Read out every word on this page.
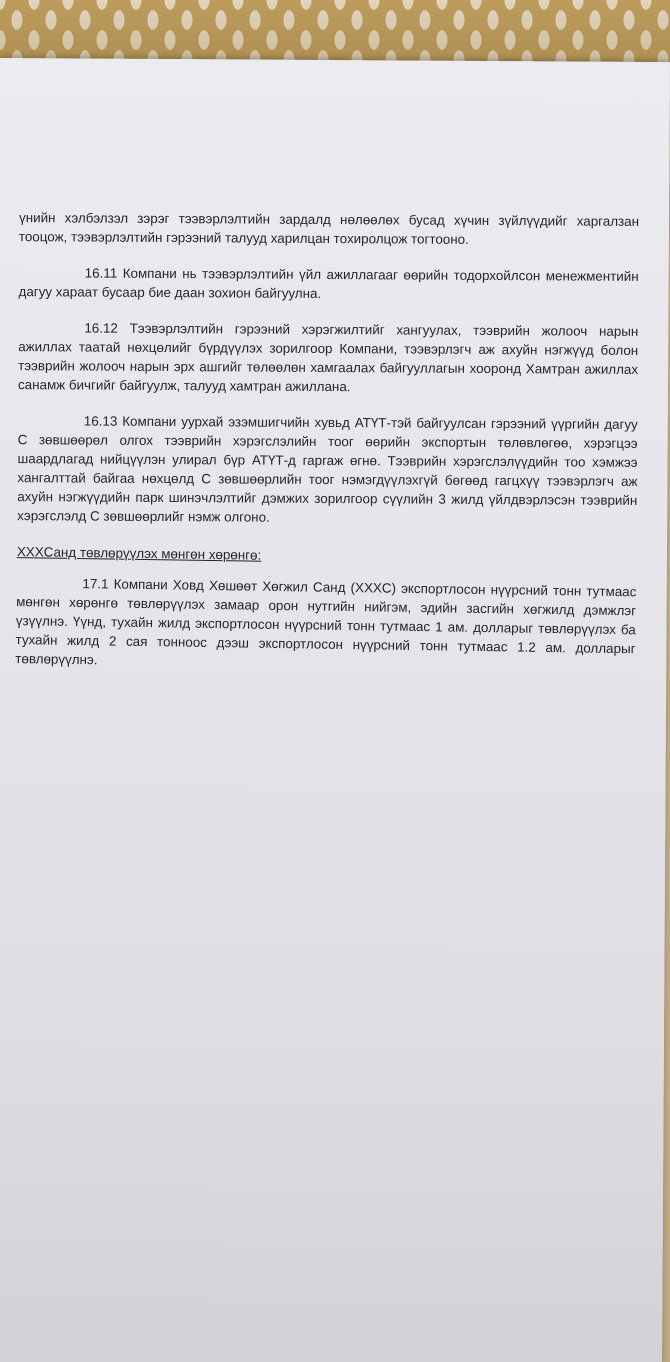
үнийн хэлбэлзэл зэрэг тээвэрлэлтийн зардалд нөлөөлөх бусад хүчин зүйлүүдийг харгалзан тооцож, тээвэрлэлтийн гэрээний талууд харилцан тохиролцож тогтооно.

16.11 Компани нь тээвэрлэлтийн үйл ажиллагааг өөрийн тодорхойлсон менежментийн дагуу хараат бусаар бие даан зохион байгуулна.

16.12 Тээвэрлэлтийн гэрээний хэрэгжилтийг хангуулах, тээврийн жолооч нарын ажиллах таатай нөхцөлийг бүрдүүлэх зорилгоор Компани, тээвэрлэгч аж ахуйн нэгжүүд болон тээврийн жолооч нарын эрх ашгийг төлөөлөн хамгаалах байгууллагын хооронд Хамтран ажиллах санамж бичгийг байгуулж, талууд хамтран ажиллана.

16.13 Компани уурхай эзэмшигчийн хувьд АТҮТ-тэй байгуулсан гэрээний үүргийн дагуу С зөвшөөрөл олгох тээврийн хэрэгслэлийн тоог өөрийн экспортын төлөвлөгөө, хэрэгцээ шаардлагад нийцүүлэн улирал бүр АТҮТ-д гаргаж өгнө. Тээврийн хэрэгслэлүүдийн тоо хэмжээ хангалттай байгаа нөхцөлд С зөвшөөрлийн тоог нэмэгдүүлэхгүй бөгөөд гагцхүү тээвэрлэгч аж ахуйн нэгжүүдийн парк шинэчлэлтийг дэмжих зорилгоор сүүлийн 3 жилд үйлдвэрлэсэн тээврийн хэрэгслэлд С зөвшөөрлийг нэмж олгоно.

XXXСанд төвлөрүүлэх мөнгөн хөрөнгө:

17.1 Компани Ховд Хөшөөт Хөгжил Санд (XXXC) экспортлосон нүүрсний тонн тутмаас мөнгөн хөрөнгө төвлөрүүлэх замаар орон нутгийн нийгэм, эдийн засгийн хөгжилд дэмжлэг үзүүлнэ. Үүнд, тухайн жилд экспортлосон нүүрсний тонн тутмаас 1 ам. долларыг төвлөрүүлэх ба тухайн жилд 2 сая тонноос дээш экспортлосон нүүрсний тонн тутмаас 1.2 ам. долларыг төвлөрүүлнэ.
